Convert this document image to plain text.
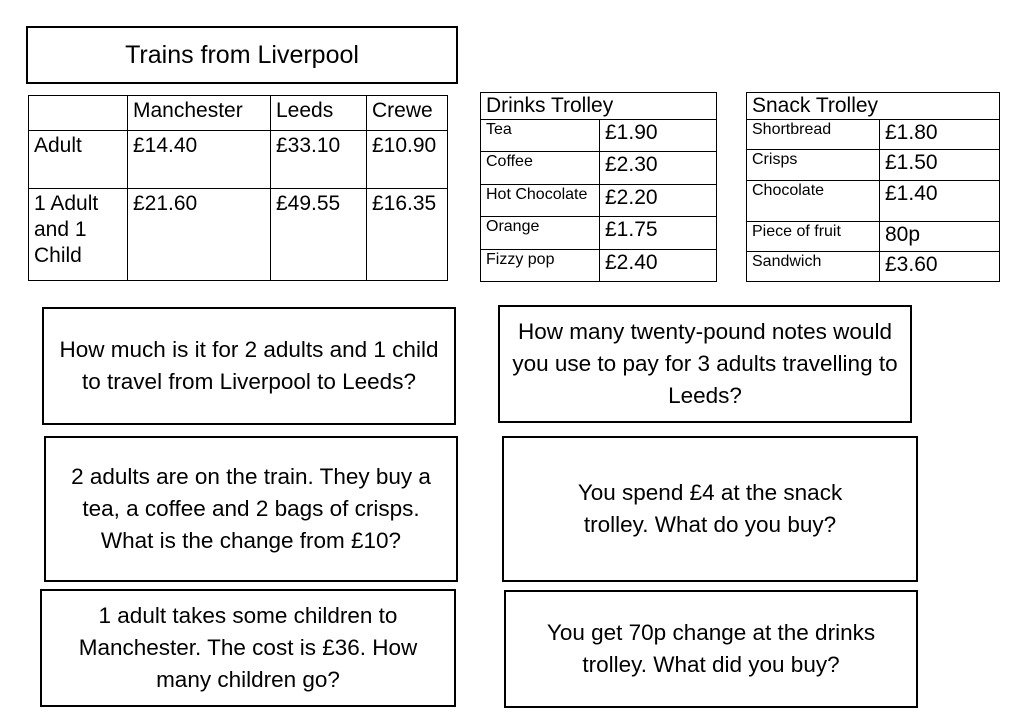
Trains from Liverpool
	Manchester	Leeds	Crewe
Adult	£14.40	£33.10	£10.90
1 Adult and 1 Child	£21.60	£49.55	£16.35
Drinks Trolley	
Tea	£1.90
Coffee	£2.30
Hot Chocolate	£2.20
Orange	£1.75
Fizzy pop	£2.40
Snack Trolley	
Shortbread	£1.80
Crisps	£1.50
Chocolate	£1.40
Piece of fruit	80p
Sandwich	£3.60
How much is it for 2 adults and 1 child to travel from Liverpool to Leeds?
How many twenty-pound notes would you use to pay for 3 adults travelling to Leeds?
2 adults are on the train. They buy a tea, a coffee and 2 bags of crisps. What is the change from £10?
You spend £4 at the snack trolley. What do you buy?
1 adult takes some children to Manchester. The cost is £36. How many children go?
You get 70p change at the drinks trolley. What did you buy?
